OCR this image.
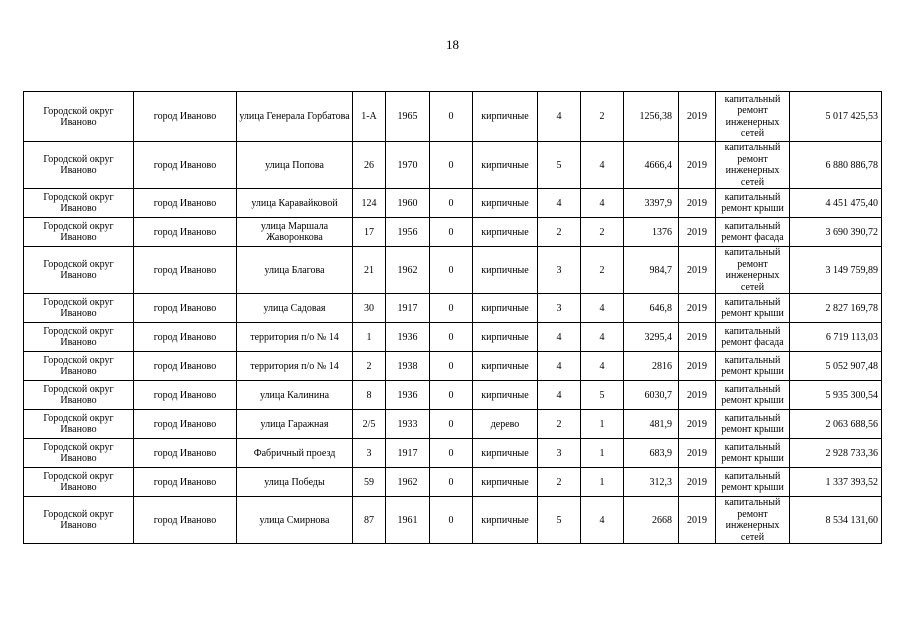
18
Городской округ Иваново	город Иваново	улица Генерала Горбатова	1-А	1965	0	кирпичные	4	2	1256,38	2019	капитальный ремонт инженерных сетей	5 017 425,53
Городской округ Иваново	город Иваново	улица Попова	26	1970	0	кирпичные	5	4	4666,4	2019	капитальный ремонт инженерных сетей	6 880 886,78
Городской округ Иваново	город Иваново	улица Каравайковой	124	1960	0	кирпичные	4	4	3397,9	2019	капитальный ремонт крыши	4 451 475,40
Городской округ Иваново	город Иваново	улица Маршала Жаворонкова	17	1956	0	кирпичные	2	2	1376	2019	капитальный ремонт фасада	3 690 390,72
Городской округ Иваново	город Иваново	улица Благова	21	1962	0	кирпичные	3	2	984,7	2019	капитальный ремонт инженерных сетей	3 149 759,89
Городской округ Иваново	город Иваново	улица Садовая	30	1917	0	кирпичные	3	4	646,8	2019	капитальный ремонт крыши	2 827 169,78
Городской округ Иваново	город Иваново	территория п/о № 14	1	1936	0	кирпичные	4	4	3295,4	2019	капитальный ремонт фасада	6 719 113,03
Городской округ Иваново	город Иваново	территория п/о № 14	2	1938	0	кирпичные	4	4	2816	2019	капитальный ремонт крыши	5 052 907,48
Городской округ Иваново	город Иваново	улица Калинина	8	1936	0	кирпичные	4	5	6030,7	2019	капитальный ремонт крыши	5 935 300,54
Городской округ Иваново	город Иваново	улица Гаражная	2/5	1933	0	дерево	2	1	481,9	2019	капитальный ремонт крыши	2 063 688,56
Городской округ Иваново	город Иваново	Фабричный проезд	3	1917	0	кирпичные	3	1	683,9	2019	капитальный ремонт крыши	2 928 733,36
Городской округ Иваново	город Иваново	улица Победы	59	1962	0	кирпичные	2	1	312,3	2019	капитальный ремонт крыши	1 337 393,52
Городской округ Иваново	город Иваново	улица Смирнова	87	1961	0	кирпичные	5	4	2668	2019	капитальный ремонт инженерных сетей	8 534 131,60
